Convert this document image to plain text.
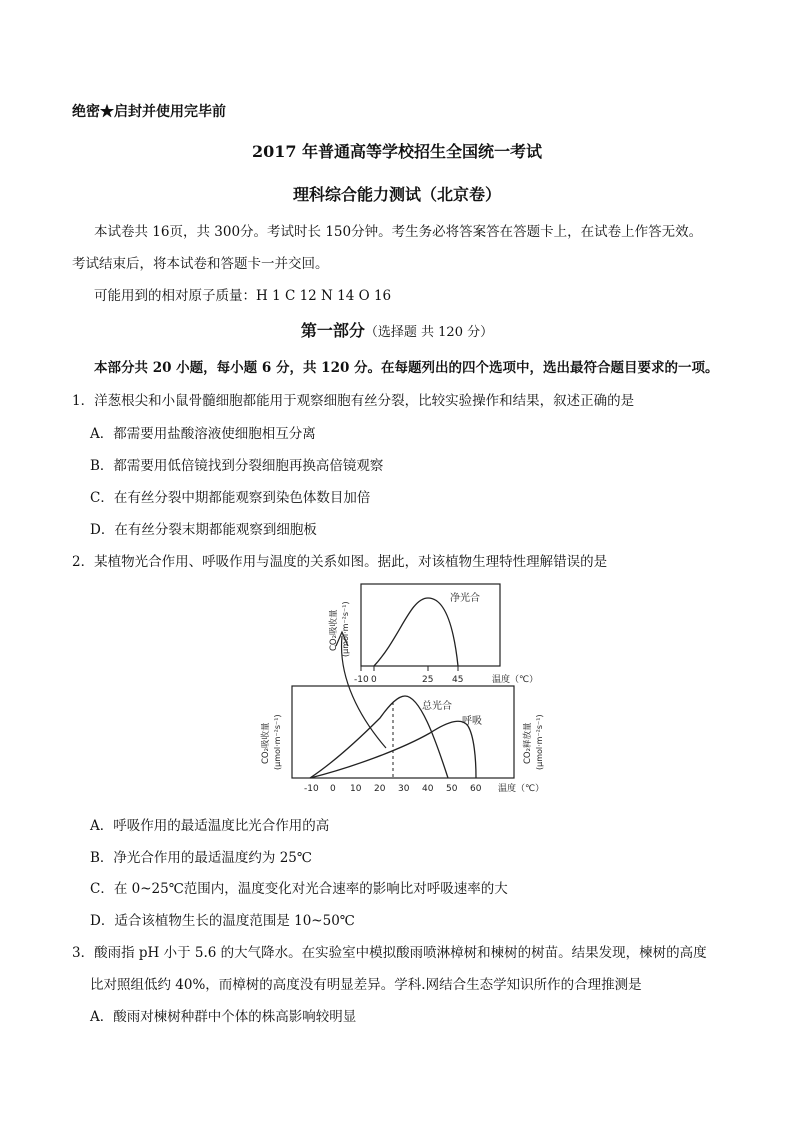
绝密★启封并使用完毕前
2017 年普通高等学校招生全国统一考试
理科综合能力测试（北京卷）
本试卷共 16页，共 300分。考试时长 150分钟。考生务必将答案答在答题卡上，在试卷上作答无效。
考试结束后，将本试卷和答题卡一并交回。
可能用到的相对原子质量：H 1 C 12 N 14 O 16
第一部分（选择题 共 120 分）
本部分共 20 小题，每小题 6 分，共 120 分。在每题列出的四个选项中，选出最符合题目要求的一项。
1．洋葱根尖和小鼠骨髓细胞都能用于观察细胞有丝分裂，比较实验操作和结果，叙述正确的是
A．都需要用盐酸溶液使细胞相互分离
B．都需要用低倍镜找到分裂细胞再换高倍镜观察
C．在有丝分裂中期都能观察到染色体数目加倍
D．在有丝分裂末期都能观察到细胞板
2．某植物光合作用、呼吸作用与温度的关系如图。据此，对该植物生理特性理解错误的是
净光合
CO₂吸收量 (μmol·m⁻²s⁻¹)
-10 0	25 45	温度（℃）
总光合
呼吸
CO₂吸收量 (μmol·m⁻²s⁻¹)	CO₂释放量 (μmol·m⁻²s⁻¹)
-10 0 10 20 30 40 50 60 温度（℃）
A．呼吸作用的最适温度比光合作用的高
B．净光合作用的最适温度约为 25℃
C．在 0~25℃范围内，温度变化对光合速率的影响比对呼吸速率的大
D．适合该植物生长的温度范围是 10~50℃
3．酸雨指 pH 小于 5.6 的大气降水。在实验室中模拟酸雨喷淋樟树和楝树的树苗。结果发现，楝树的高度
比对照组低约 40%，而樟树的高度没有明显差异。学科.网结合生态学知识所作的合理推测是
A．酸雨对楝树种群中个体的株高影响较明显
